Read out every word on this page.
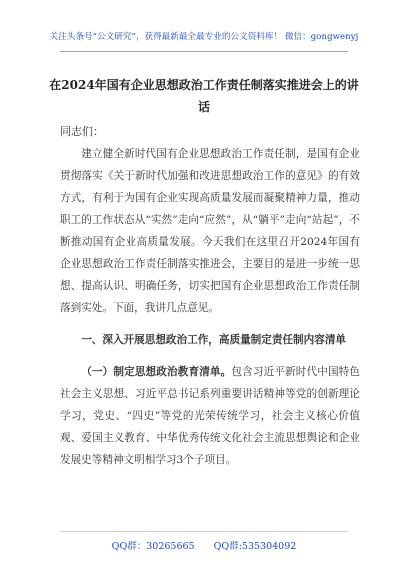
关注头条号“公文研究”，获得最新最全最专业的公文资料库！ 微信：gongwenyj
在2024年国有企业思想政治工作责任制落实推进会上的讲话
同志们：

建立健全新时代国有企业思想政治工作责任制，是国有企业贯彻落实《关于新时代加强和改进思想政治工作的意见》的有效方式，有利于为国有企业实现高质量发展而凝聚精神力量，推动职工的工作状态从“实然”走向“应然”，从“躺平”走向“站起”，不断推动国有企业高质量发展。今天我们在这里召开2024年国有企业思想政治工作责任制落实推进会，主要目的是进一步统一思想、提高认识、明确任务，切实把国有企业思想政治工作责任制落到实处。下面，我讲几点意见。

一、深入开展思想政治工作，高质量制定责任制内容清单

（一）制定思想政治教育清单。包含习近平新时代中国特色社会主义思想、习近平总书记系列重要讲话精神等党的创新理论学习，党史、“四史”等党的光荣传统学习，社会主义核心价值观、爱国主义教育、中华优秀传统文化社会主流思想舆论和企业发展史等精神文明相学习3个子项目。

QQ群：30265665 QQ群:535304092
